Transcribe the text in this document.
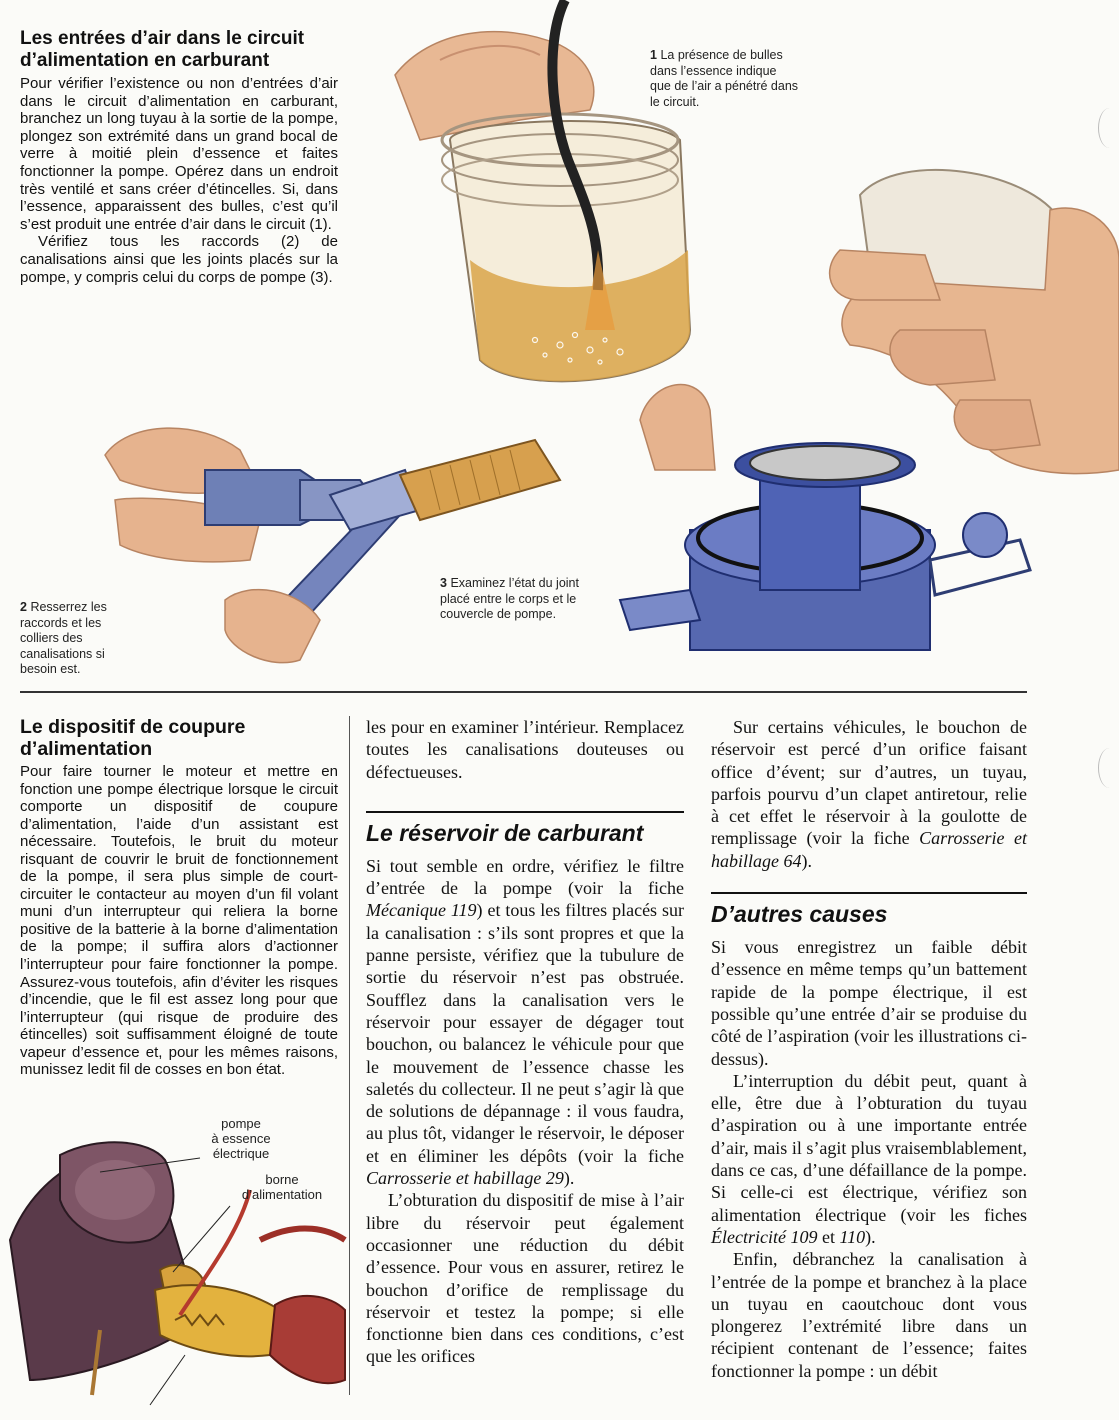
Les entrées d’air dans le circuit
d’alimentation en carburant

Pour vérifier l’existence ou non d’entrées d’air dans le circuit d’alimentation en carburant, branchez un long tuyau à la sortie de la pompe, plongez son extrémité dans un grand bocal de verre à moitié plein d’essence et faites fonctionner la pompe. Opérez dans un endroit très ventilé et sans créer d’étincelles. Si, dans l’essence, apparaissent des bulles, c’est qu’il s’est produit une entrée d’air dans le circuit (1).

Vérifiez tous les raccords (2) de canalisations ainsi que les joints placés sur la pompe, y compris celui du corps de pompe (3).

1 La présence de bulles dans l’essence indique que de l’air a pénétré dans le circuit.
2 Resserrez les raccords et les colliers des canalisations si besoin est.
3 Examinez l’état du joint placé entre le corps et le couvercle de pompe.
Le dispositif de coupure
d’alimentation

Pour faire tourner le moteur et mettre en fonction une pompe électrique lorsque le circuit comporte un dispositif de coupure d’alimentation, l’aide d’un assistant est nécessaire. Toutefois, le bruit du moteur risquant de couvrir le bruit de fonctionnement de la pompe, il sera plus simple de court-circuiter le contacteur au moyen d’un fil volant muni d’un interrupteur qui reliera la borne positive de la batterie à la borne d’alimentation de la pompe; il suffira alors d’actionner l’interrupteur pour faire fonctionner la pompe. Assurez-vous toutefois, afin d’éviter les risques d’incendie, que le fil est assez long pour que l’interrupteur (qui risque de produire des étincelles) soit suffisamment éloigné de toute vapeur d’essence et, pour les mêmes raisons, munissez ledit fil de cosses en bon état.

pompe
à essence
électrique
borne
d’alimentation

les pour en examiner l’intérieur. Remplacez toutes les canalisations douteuses ou défectueuses.

Le réservoir de carburant

Si tout semble en ordre, vérifiez le filtre d’entrée de la pompe (voir la fiche Mécanique 119) et tous les filtres placés sur la canalisation : s’ils sont propres et que la panne persiste, vérifiez que la tubulure de sortie du réservoir n’est pas obstruée. Soufflez dans la canalisation vers le réservoir pour essayer de dégager tout bouchon, ou balancez le véhicule pour que le mouvement de l’essence chasse les saletés du collecteur. Il ne peut s’agir là que de solutions de dépannage : il vous faudra, au plus tôt, vidanger le réservoir, le déposer et en éliminer les dépôts (voir la fiche Carrosserie et habillage 29).

L’obturation du dispositif de mise à l’air libre du réservoir peut également occasionner une réduction du débit d’essence. Pour vous en assurer, retirez le bouchon d’orifice de remplissage du réservoir et testez la pompe; si elle fonctionne bien dans ces conditions, c’est que les orifices

Sur certains véhicules, le bouchon de réservoir est percé d’un orifice faisant office d’évent; sur d’autres, un tuyau, parfois pourvu d’un clapet antiretour, relie à cet effet le réservoir à la goulotte de remplissage (voir la fiche Carrosserie et habillage 64).

D’autres causes

Si vous enregistrez un faible débit d’essence en même temps qu’un battement rapide de la pompe électrique, il est possible qu’une entrée d’air se produise du côté de l’aspiration (voir les illustrations ci-dessus).

L’interruption du débit peut, quant à elle, être due à l’obturation du tuyau d’aspiration ou à une importante entrée d’air, mais il s’agit plus vraisemblablement, dans ce cas, d’une défaillance de la pompe. Si celle-ci est électrique, vérifiez son alimentation électrique (voir les fiches Électricité 109 et 110).

Enfin, débranchez la canalisation à l’entrée de la pompe et branchez à la place un tuyau en caoutchouc dont vous plongerez l’extrémité libre dans un récipient contenant de l’essence; faites fonctionner la pompe : un débit
